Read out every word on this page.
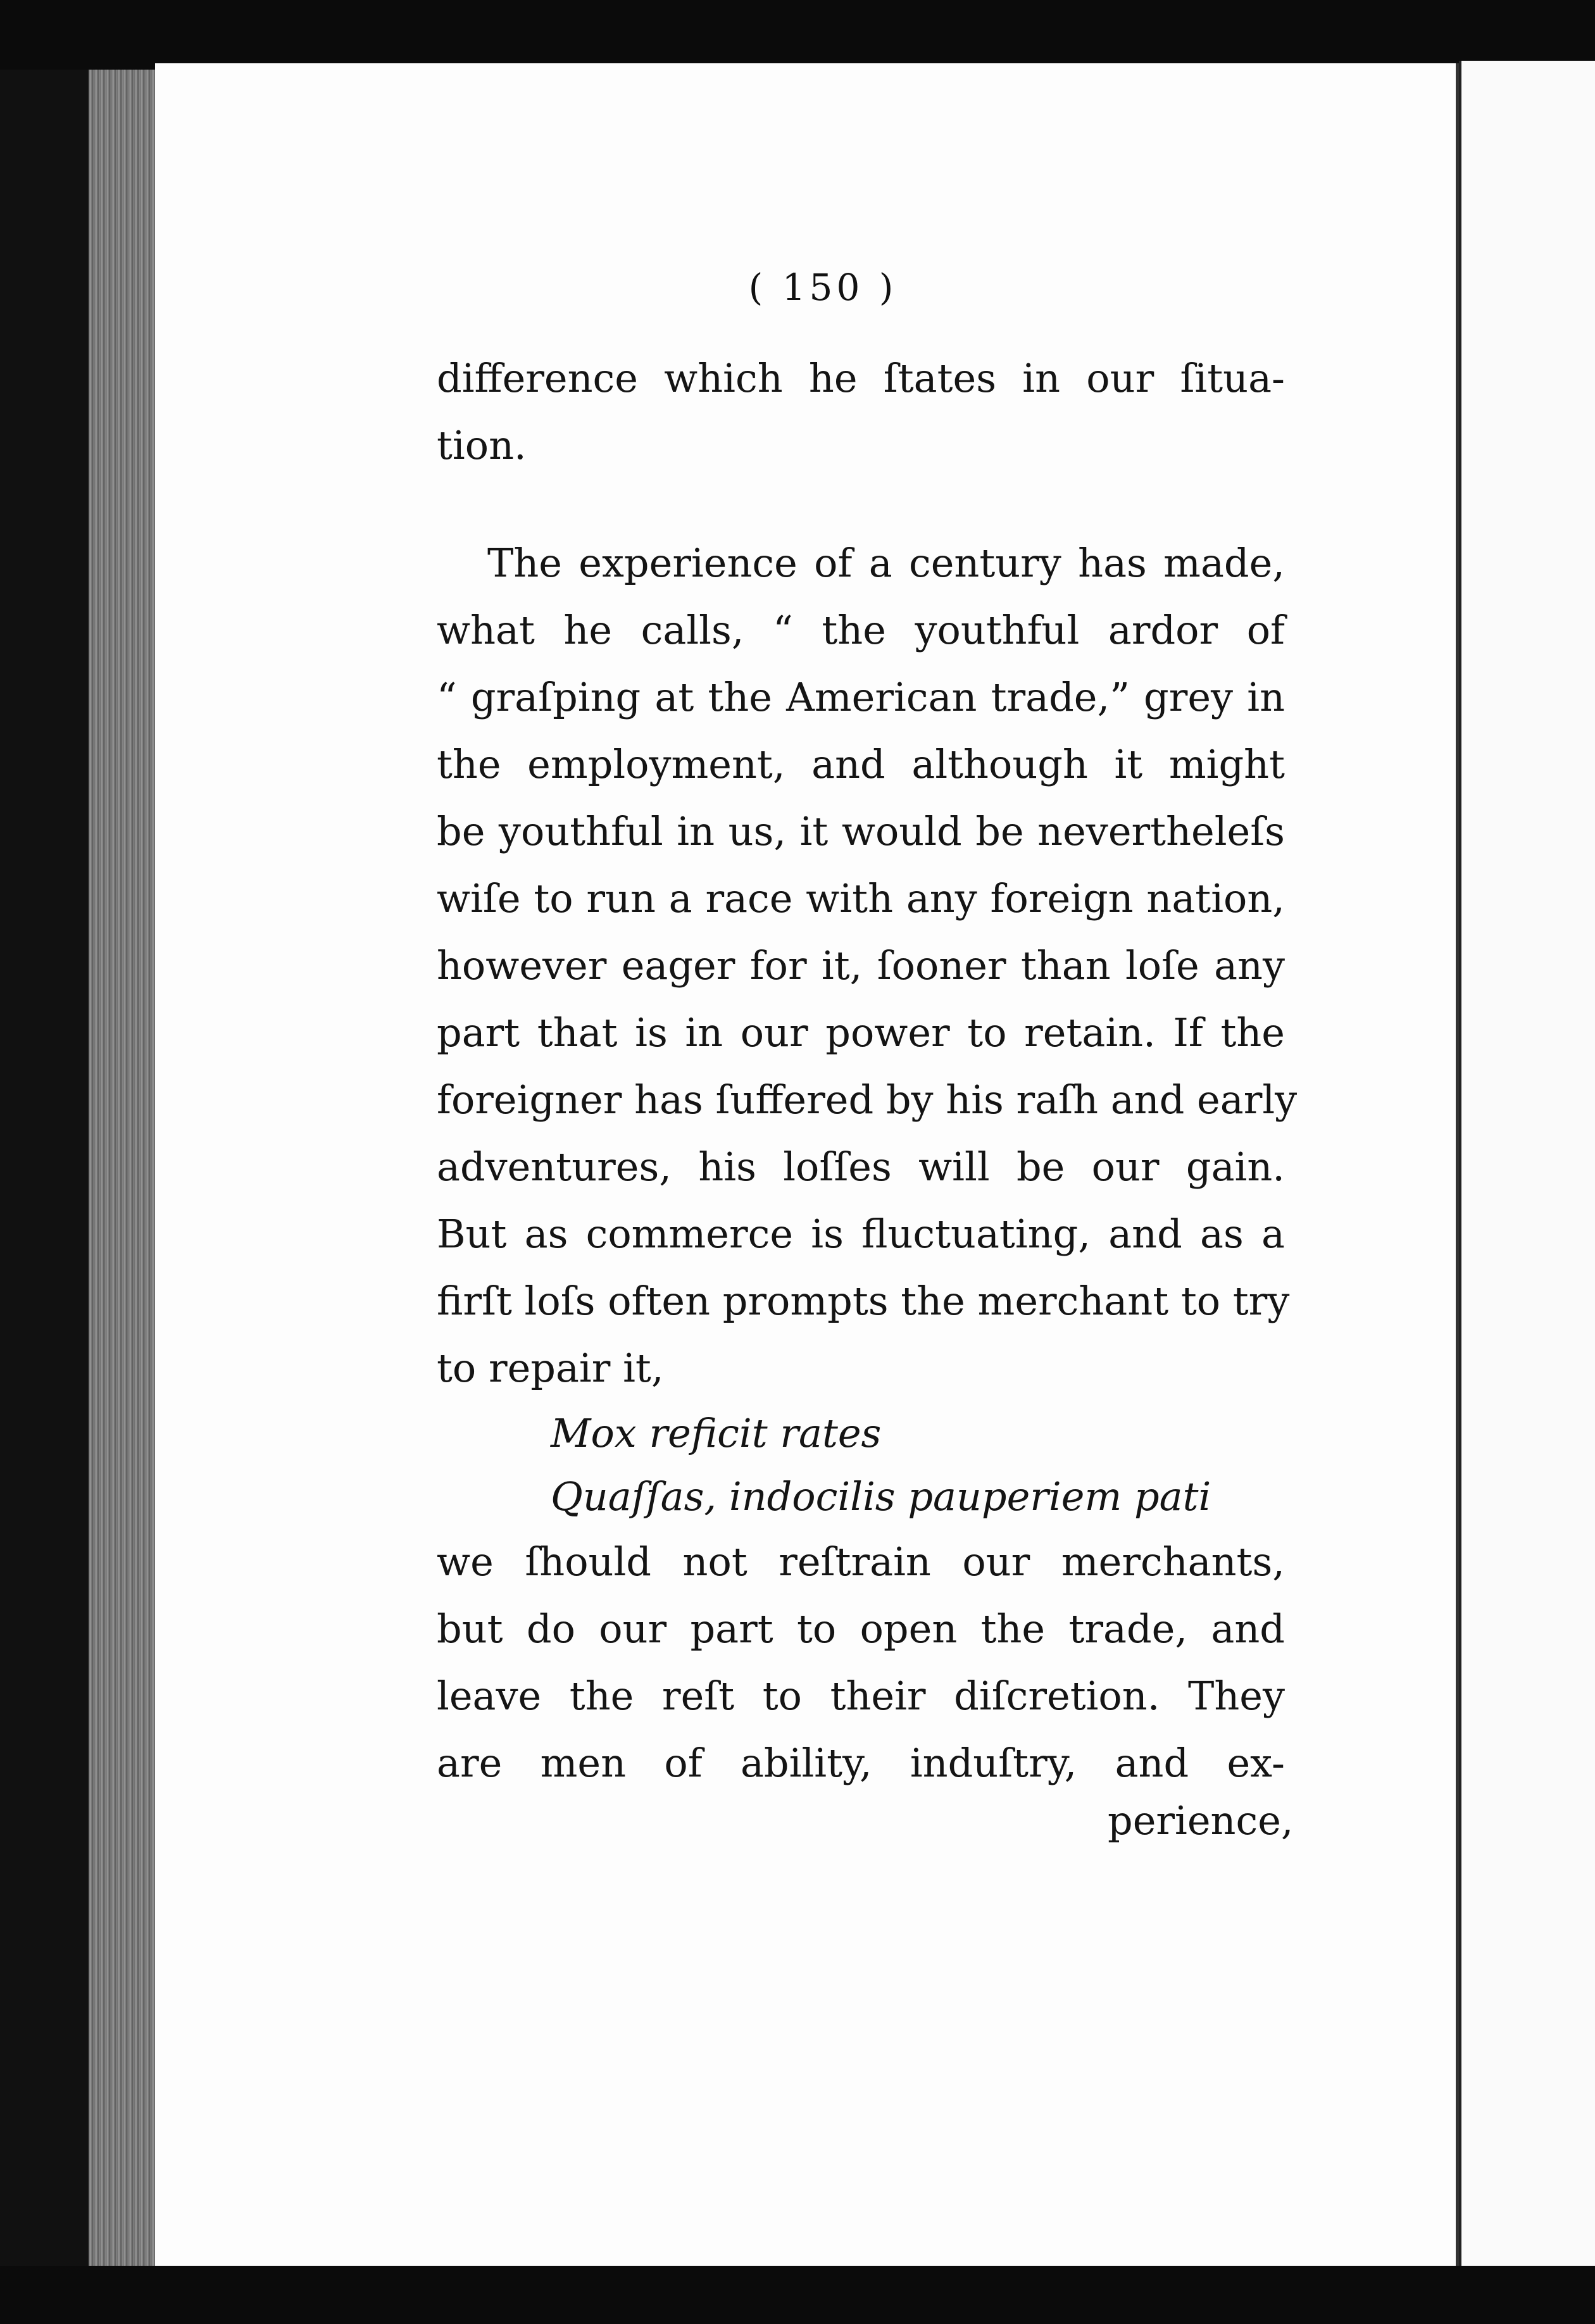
( 150 )
difference which he ſtates in our ſitua-
tion.
The experience of a century has made,
what he calls, “ the youthful ardor of
“ graſping at the American trade,” grey in
the employment, and although it might
be youthful in us, it would be nevertheleſs
wiſe to run a race with any foreign nation,
however eager for it, ſooner than loſe any
part that is in our power to retain. If the
foreigner has ſuffered by his raſh and early
adventures, his loſſes will be our gain.
But as commerce is fluctuating, and as a
firſt loſs often prompts the merchant to try
to repair it,
Mox reficit rates
Quaſſas, indocilis pauperiem pati
we ſhould not reſtrain our merchants,
but do our part to open the trade, and
leave the reſt to their diſcretion. They
are men of ability, induſtry, and ex-
perience,
